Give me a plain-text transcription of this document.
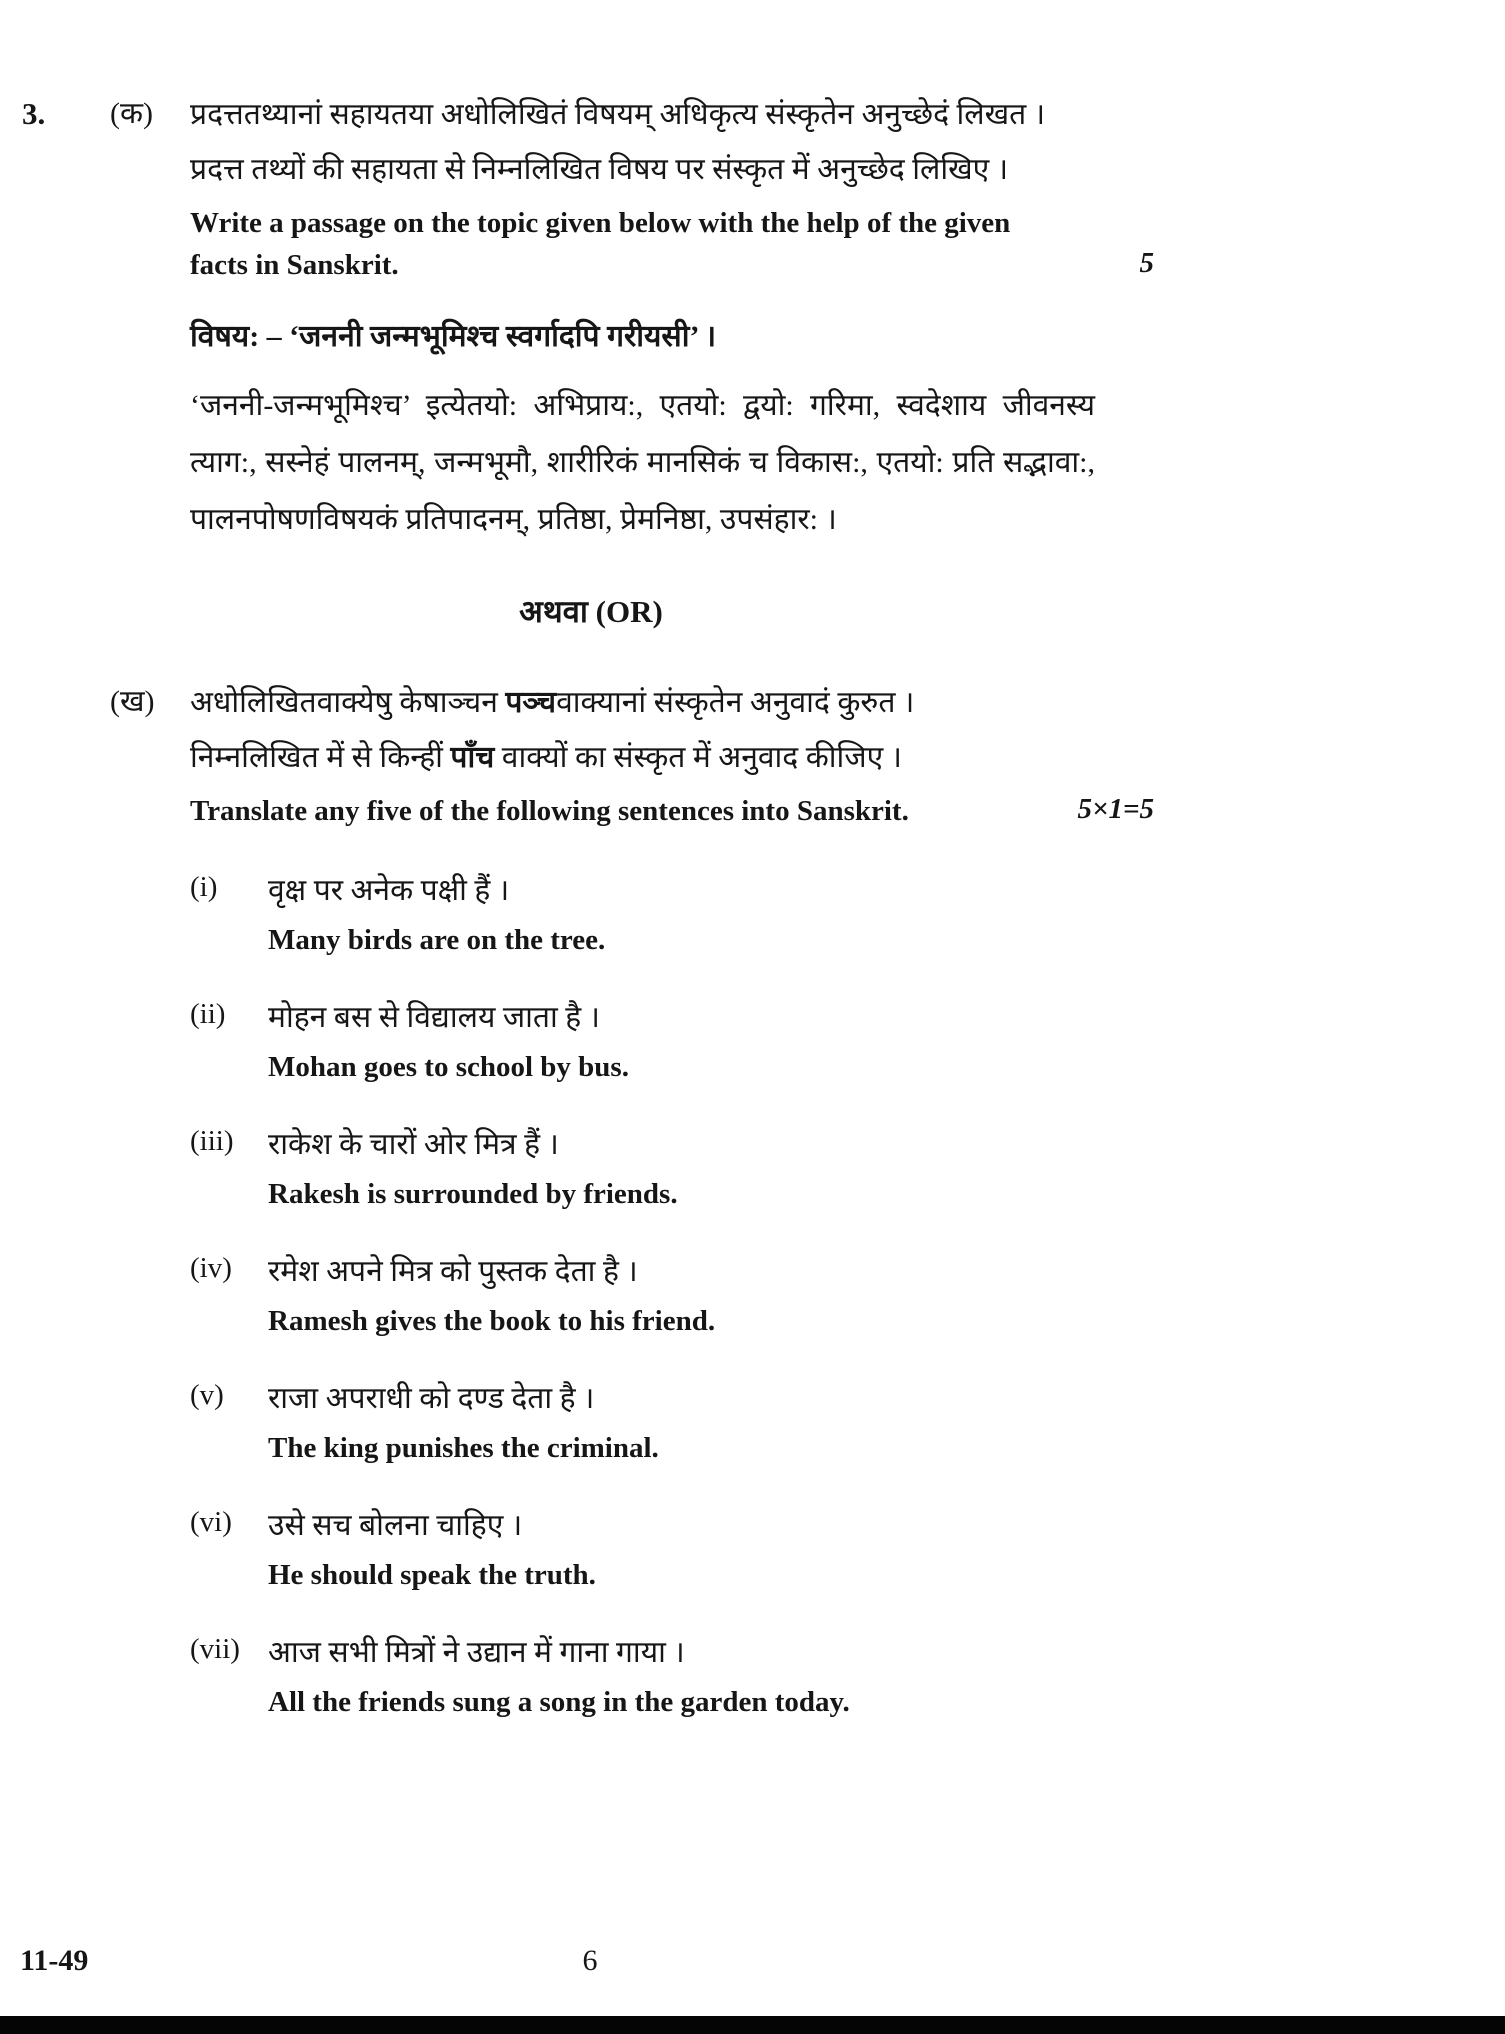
3.	(क)	प्रदत्ततथ्यानां सहायतया अधोलिखितं विषयम् अधिकृत्य संस्कृतेन अनुच्छेदं लिखत ।

प्रदत्त तथ्यों की सहायता से निम्नलिखित विषय पर संस्कृत में अनुच्छेद लिखिए ।

Write a passage on the topic given below with the help of the given facts in Sanskrit.	5

विषय: – ‘जननी जन्मभूमिश्च स्वर्गादपि गरीयसी’ ।

‘जननी-जन्मभूमिश्च’ इत्येतयो: अभिप्राय:, एतयो: द्वयो: गरिमा, स्वदेशाय जीवनस्य त्याग:, सस्नेहं पालनम्, जन्मभूमौ, शारीरिकं मानसिकं च विकास:, एतयो: प्रति सद्भावा:, पालनपोषणविषयकं प्रतिपादनम्, प्रतिष्ठा, प्रेमनिष्ठा, उपसंहार: ।

अथवा (OR)
(ख)	अधोलिखितवाक्येषु केषाञ्चन पञ्चवाक्यानां संस्कृतेन अनुवादं कुरुत ।

निम्नलिखित में से किन्हीं पाँच वाक्यों का संस्कृत में अनुवाद कीजिए ।

Translate any five of the following sentences into Sanskrit.	5×1=5
(i)	वृक्ष पर अनेक पक्षी हैं ।

Many birds are on the tree.

(ii)	मोहन बस से विद्यालय जाता है ।

Mohan goes to school by bus.

(iii)	राकेश के चारों ओर मित्र हैं ।

Rakesh is surrounded by friends.

(iv)	रमेश अपने मित्र को पुस्तक देता है ।

Ramesh gives the book to his friend.

(v)	राजा अपराधी को दण्ड देता है ।

The king punishes the criminal.

(vi)	उसे सच बोलना चाहिए ।

He should speak the truth.

(vii) आज सभी मित्रों ने उद्यान में गाना गाया ।

All the friends sung a song in the garden today.

11-49	6
